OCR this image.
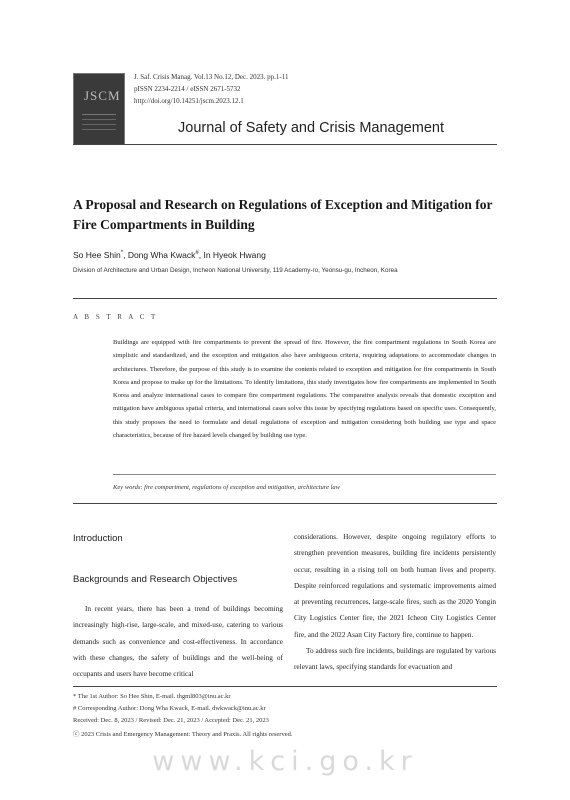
JSCM
J. Saf. Crisis Manag. Vol.13 No.12, Dec. 2023. pp.1-11
pISSN 2234-2214 / eISSN 2671-5732
http://doi.org/10.14251/jscm.2023.12.1
Journal of Safety and Crisis Management
A Proposal and Research on Regulations of Exception and Mitigation for Fire Compartments in Building
So Hee Shin*, Dong Wha Kwack#, In Hyeok Hwang
Division of Architecture and Urban Design, Incheon National University, 119 Academy-ro, Yeonsu-gu, Incheon, Korea
A B S T R A C T
Buildings are equipped with fire compartments to prevent the spread of fire. However, the fire compartment regulations in South Korea are simplistic and standardized, and the exception and mitigation also have ambiguous criteria, requiring adaptations to accommodate changes in architectures. Therefore, the purpose of this study is to examine the contents related to exception and mitigation for fire compartments in South Korea and propose to make up for the limitations. To identify limitations, this study investigates how fire compartments are implemented in South Korea and analyze international cases to compare fire compartment regulations. The comparative analysis reveals that domestic exception and mitigation have ambiguous spatial criteria, and international cases solve this issue by specifying regulations based on specific uses. Consequently, this study proposes the need to formulate and detail regulations of exception and mitigation considering both building use type and space characteristics, because of fire hazard levels changed by building use type.
Key words: fire compartment, regulations of exception and mitigation, architecture law
Introduction
Backgrounds and Research Objectives

In recent years, there has been a trend of buildings becoming increasingly high-rise, large-scale, and mixed-use, catering to various demands such as convenience and cost-effectiveness. In accordance with these changes, the safety of buildings and the well-being of occupants and users have become critical

considerations. However, despite ongoing regulatory efforts to strengthen prevention measures, building fire incidents persistently occur, resulting in a rising toll on both human lives and property. Despite reinforced regulations and systematic improvements aimed at preventing recurrences, large-scale fires, such as the 2020 Yongin City Logistics Center fire, the 2021 Icheon City Logistics Center fire, and the 2022 Asan City Factory fire, continue to happen.

To address such fire incidents, buildings are regulated by various relevant laws, specifying standards for evacuation and

* The 1st Author: So Hee Shin, E-mail. thgml803@inu.ac.kr
# Corresponding Author: Dong Wha Kwack, E-mail. dwkwack@inu.ac.kr
Received: Dec. 8, 2023 / Revised: Dec. 21, 2023 / Accepted: Dec. 21, 2023
ⓒ 2023 Crisis and Emergency Management: Theory and Praxis. All rights reserved.
www.kci.go.kr
